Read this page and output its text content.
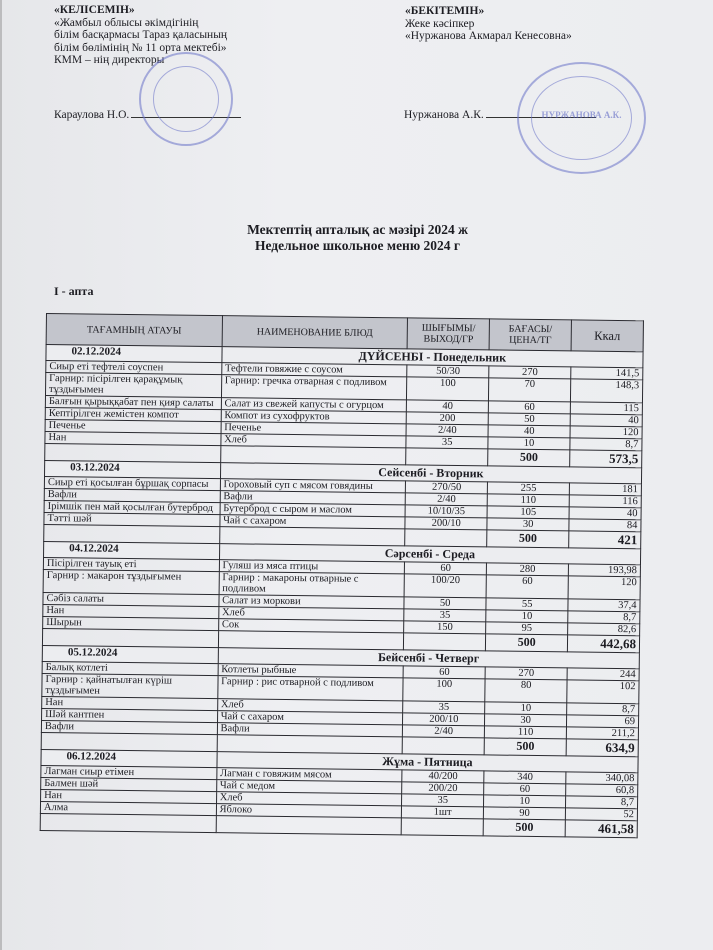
«КЕЛІСЕМІН»
«Жамбыл облысы әкімдігінің
білім басқармасы Тараз қаласының
білім бөлімінің № 11 орта мектебі»
КММ – нің директоры
Караулова Н.О.
«БЕКІТЕМІН»
Жеке кәсіпкер
«Нуржанова Акмарал Кенесовна»
Нуржанова А.К.	НУРЖАНОВА А.К.
Мектептің апталық ас мәзірі 2024 ж
Недельное школьное меню 2024 г
I - апта
ТАҒАМНЫҢ АТАУЫ	НАИМЕНОВАНИЕ БЛЮД	ШЫҒЫМЫ/ ВЫХОД/ГР	БАҒАСЫ/ ЦЕНА/ТГ	Ккал
02.12.2024	ДҮЙСЕНБІ - Понедельник			
Сиыр еті тефтелі соуспен	Тефтели говяжие с соусом	50/30	270	141,5
Гарнир: пісірілген қарақұмық тұздығымен	Гарнир: гречка отварная с подливом	100	70	148,3
Балғын қырыққабат пен қияр салаты	Салат из свежей капусты с огурцом	40	60	115
Кептірілген жемістен компот	Компот из сухофруктов	200	50	40
Печенье	Печенье	2/40	40	120
Нан	Хлеб	35	10	8,7
			500	573,5
03.12.2024	Сейсенбі - Вторник			
Сиыр еті қосылған бұршақ сорпасы	Гороховый суп с мясом говядины	270/50	255	181
Вафли	Вафли	2/40	110	116
Ірімшік пен май қосылған бутерброд	Бутерброд с сыром и маслом	10/10/35	105	40
Тәтті шәй	Чай с сахаром	200/10	30	84
			500	421
04.12.2024	Сәрсенбі - Среда			
Пісірілген тауық еті	Гуляш из мяса птицы	60	280	193,98
Гарнир : макарон тұздығымен	Гарнир : макароны отварные с подливом	100/20	60	120
Сәбіз салаты	Салат из моркови	50	55	37,4
Нан	Хлеб	35	10	8,7
Шырын	Сок	150	95	82,6
			500	442,68
05.12.2024	Бейсенбі - Четверг			
Балық котлеті	Котлеты рыбные	60	270	244
Гарнир : қайнатылған күріш тұздығымен	Гарнир : рис отварной с подливом	100	80	102
Нан	Хлеб	35	10	8,7
Шәй кантпен	Чай с сахаром	200/10	30	69
Вафли	Вафли	2/40	110	211,2
			500	634,9
06.12.2024	Жұма - Пятница			
Лагман сиыр етімен	Лагман с говяжим мясом	40/200	340	340,08
Балмен шәй	Чай с медом	200/20	60	60,8
Нан	Хлеб	35	10	8,7
Алма	Яблоко	1шт	90	52
			500	461,58
